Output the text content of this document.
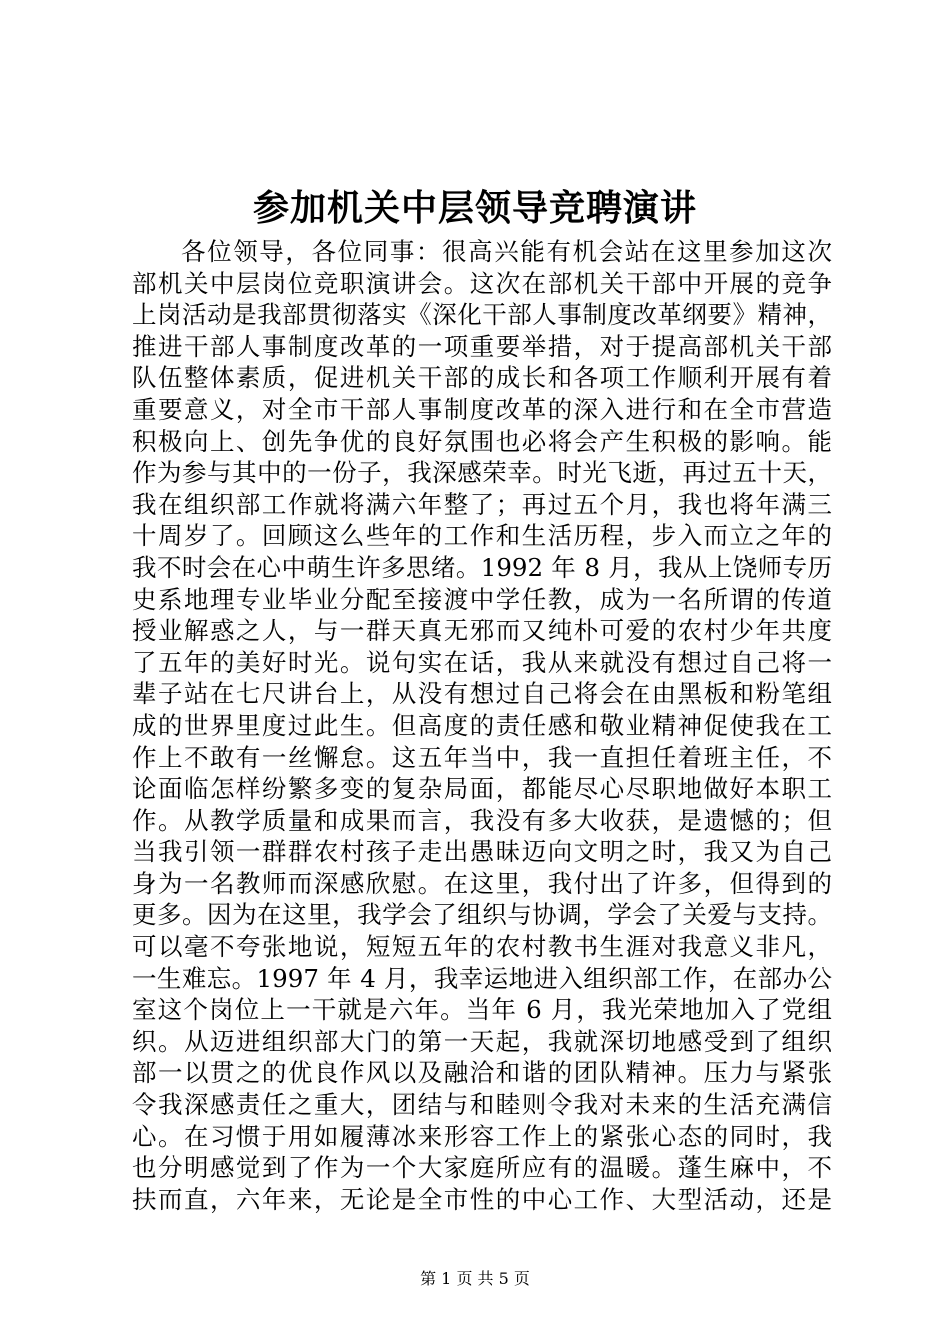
参加机关中层领导竞聘演讲
各位领导，各位同事：很高兴能有机会站在这里参加这次
部机关中层岗位竞职演讲会。这次在部机关干部中开展的竞争
上岗活动是我部贯彻落实《深化干部人事制度改革纲要》精神，
推进干部人事制度改革的一项重要举措，对于提高部机关干部
队伍整体素质，促进机关干部的成长和各项工作顺利开展有着
重要意义，对全市干部人事制度改革的深入进行和在全市营造
积极向上、创先争优的良好氛围也必将会产生积极的影响。能
作为参与其中的一份子，我深感荣幸。时光飞逝，再过五十天，
我在组织部工作就将满六年整了；再过五个月，我也将年满三
十周岁了。回顾这么些年的工作和生活历程，步入而立之年的
我不时会在心中萌生许多思绪。1992 年 8 月，我从上饶师专历
史系地理专业毕业分配至接渡中学任教，成为一名所谓的传道
授业解惑之人，与一群天真无邪而又纯朴可爱的农村少年共度
了五年的美好时光。说句实在话，我从来就没有想过自己将一
辈子站在七尺讲台上，从没有想过自己将会在由黑板和粉笔组
成的世界里度过此生。但高度的责任感和敬业精神促使我在工
作上不敢有一丝懈怠。这五年当中，我一直担任着班主任，不
论面临怎样纷繁多变的复杂局面，都能尽心尽职地做好本职工
作。从教学质量和成果而言，我没有多大收获，是遗憾的；但
当我引领一群群农村孩子走出愚昧迈向文明之时，我又为自己
身为一名教师而深感欣慰。在这里，我付出了许多，但得到的
更多。因为在这里，我学会了组织与协调，学会了关爱与支持。
可以毫不夸张地说，短短五年的农村教书生涯对我意义非凡，
一生难忘。1997 年 4 月，我幸运地进入组织部工作，在部办公
室这个岗位上一干就是六年。当年 6 月，我光荣地加入了党组
织。从迈进组织部大门的第一天起，我就深切地感受到了组织
部一以贯之的优良作风以及融洽和谐的团队精神。压力与紧张
令我深感责任之重大，团结与和睦则令我对未来的生活充满信
心。在习惯于用如履薄冰来形容工作上的紧张心态的同时，我
也分明感觉到了作为一个大家庭所应有的温暖。蓬生麻中，不
扶而直，六年来，无论是全市性的中心工作、大型活动，还是
第 1 页 共 5 页
